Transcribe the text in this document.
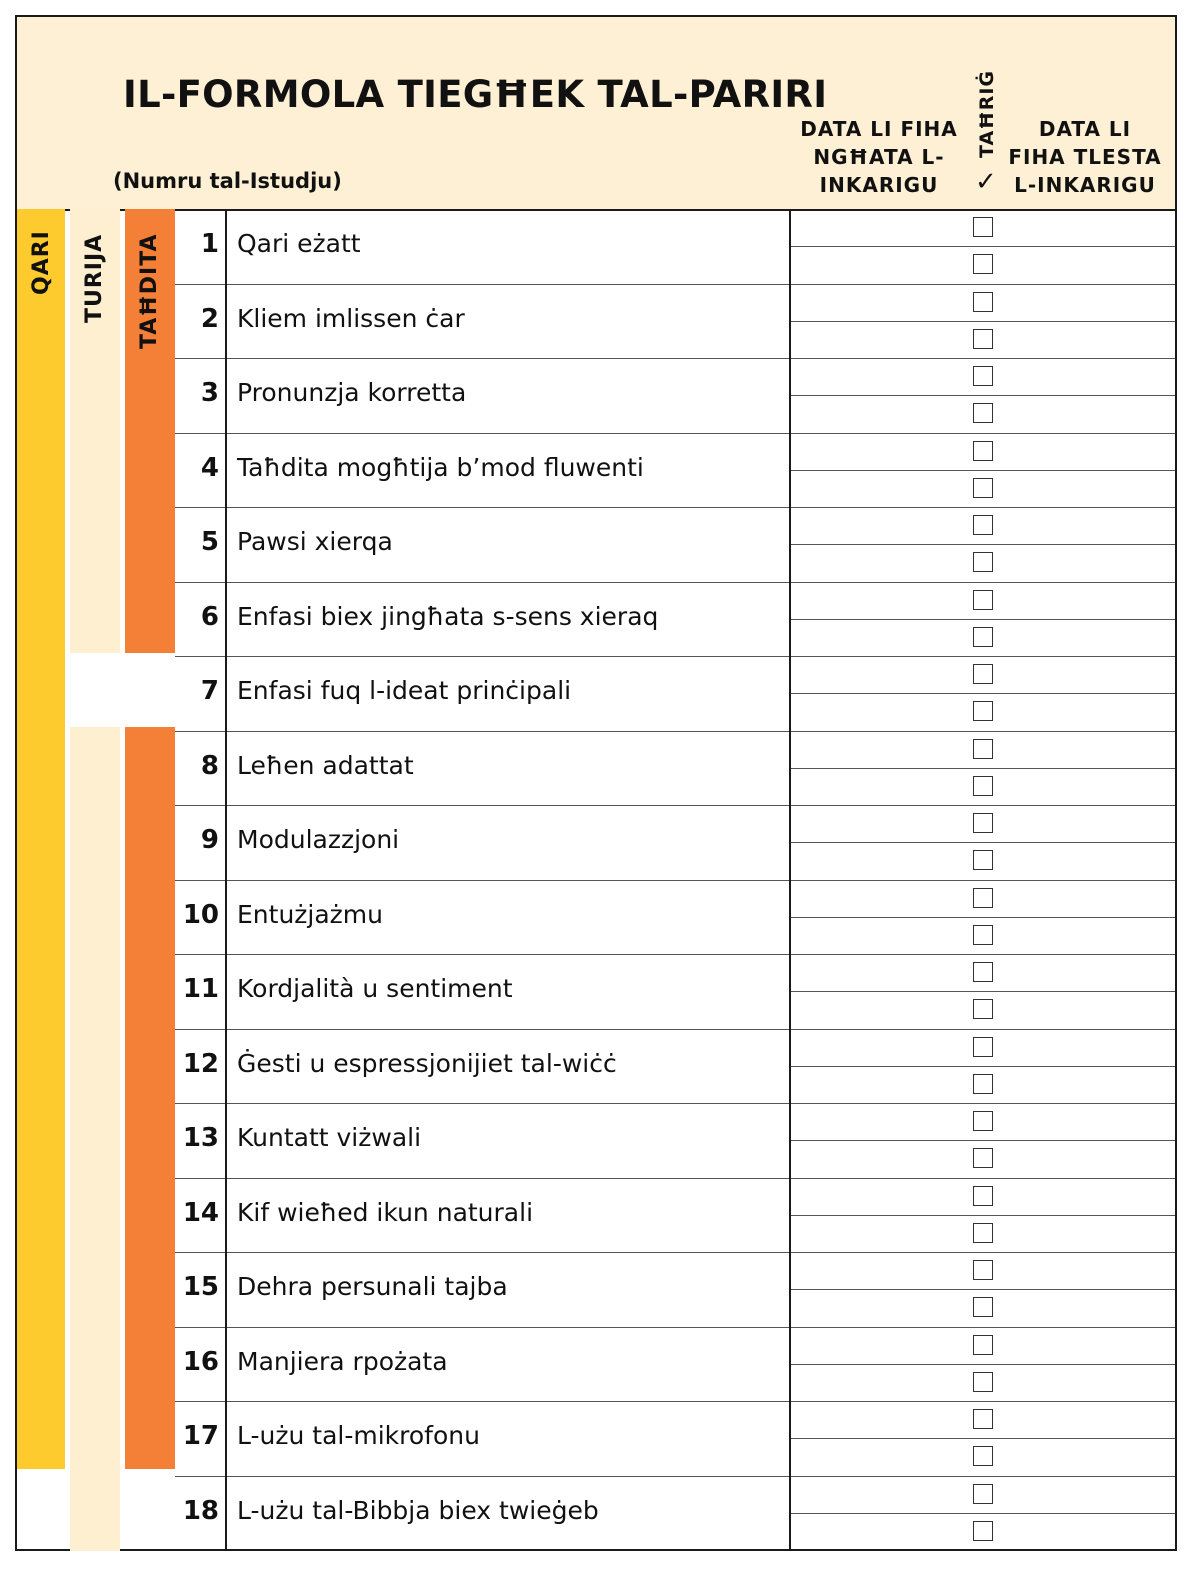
IL-FORMOLA TIEGĦEK TAL-PARIRI
(Numru tal-Istudju)
DATA LI FIHA NGĦATA L-INKARIGU
TAĦRIĠ
✓
DATA LI FIHA TLESTA L-INKARIGU
QARI TURIJA TAĦDITA	1 Qari eżatt
2 Kliem imlissen ċar
3 Pronunzja korretta
4 Taħdita mogħtija b’mod fluwenti
5 Pawsi xierqa
6 Enfasi biex jingħata s-sens xieraq
7 Enfasi fuq l-ideat prinċipali
8 Leħen adattat
9 Modulazzjoni
10 Entużjażmu
11 Kordjalità u sentiment
12 Ġesti u espressjonijiet tal-wiċċ
13 Kuntatt viżwali
14 Kif wieħed ikun naturali
15 Dehra persunali tajba
16 Manjiera rpożata
17 L-użu tal-mikrofonu
18 L-użu tal-Bibbja biex twieġeb
